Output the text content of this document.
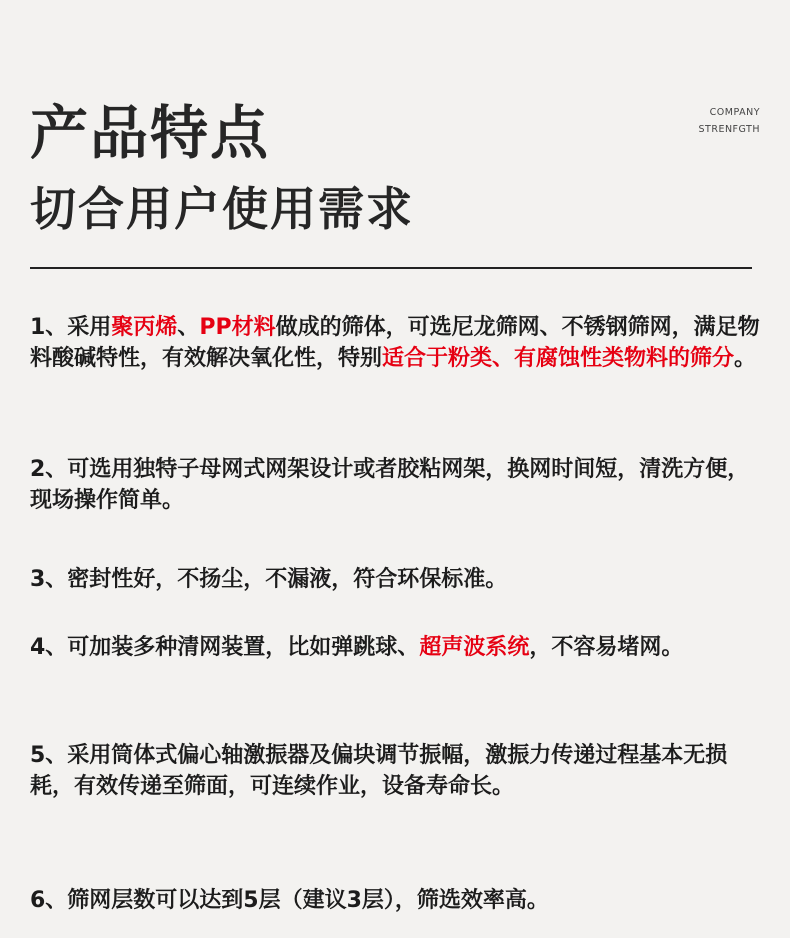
产品特点
切合用户使用需求
COMPANY
STRENFGTH

1、采用聚丙烯、PP材料做成的筛体，可选尼龙筛网、不锈钢筛网，满足物料酸碱特性，有效解决氧化性，特别适合于粉类、有腐蚀性类物料的筛分。

2、可选用独特子母网式网架设计或者胶粘网架，换网时间短，清洗方便，现场操作简单。

3、密封性好，不扬尘，不漏液，符合环保标准。

4、可加装多种清网装置，比如弹跳球、超声波系统，不容易堵网。

5、采用筒体式偏心轴激振器及偏块调节振幅，激振力传递过程基本无损耗，有效传递至筛面，可连续作业，设备寿命长。

6、筛网层数可以达到5层（建议3层），筛选效率高。
